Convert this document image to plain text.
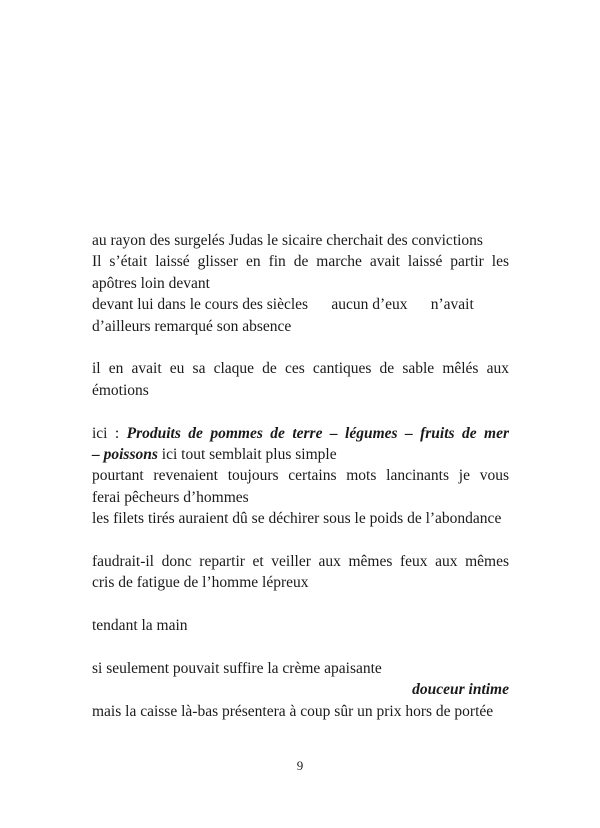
au rayon des surgelés Judas le sicaire cherchait des convictions
Il s’était laissé glisser en fin de marche avait laissé partir les
apôtres loin devant
devant lui dans le cours des siècles      aucun d’eux      n’avait
d’ailleurs remarqué son absence
il en avait eu sa claque de ces cantiques de sable mêlés aux
émotions
ici : Produits de pommes de terre – légumes – fruits de mer
– poissons ici tout semblait plus simple
pourtant revenaient toujours certains mots lancinants je vous
ferai pêcheurs d’hommes
les filets tirés auraient dû se déchirer sous le poids de l’abondance
faudrait-il donc repartir et veiller aux mêmes feux aux mêmes
cris de fatigue de l’homme lépreux
tendant la main
si seulement pouvait suffire la crème apaisante
douceur intime
mais la caisse là-bas présentera à coup sûr un prix hors de portée
9
